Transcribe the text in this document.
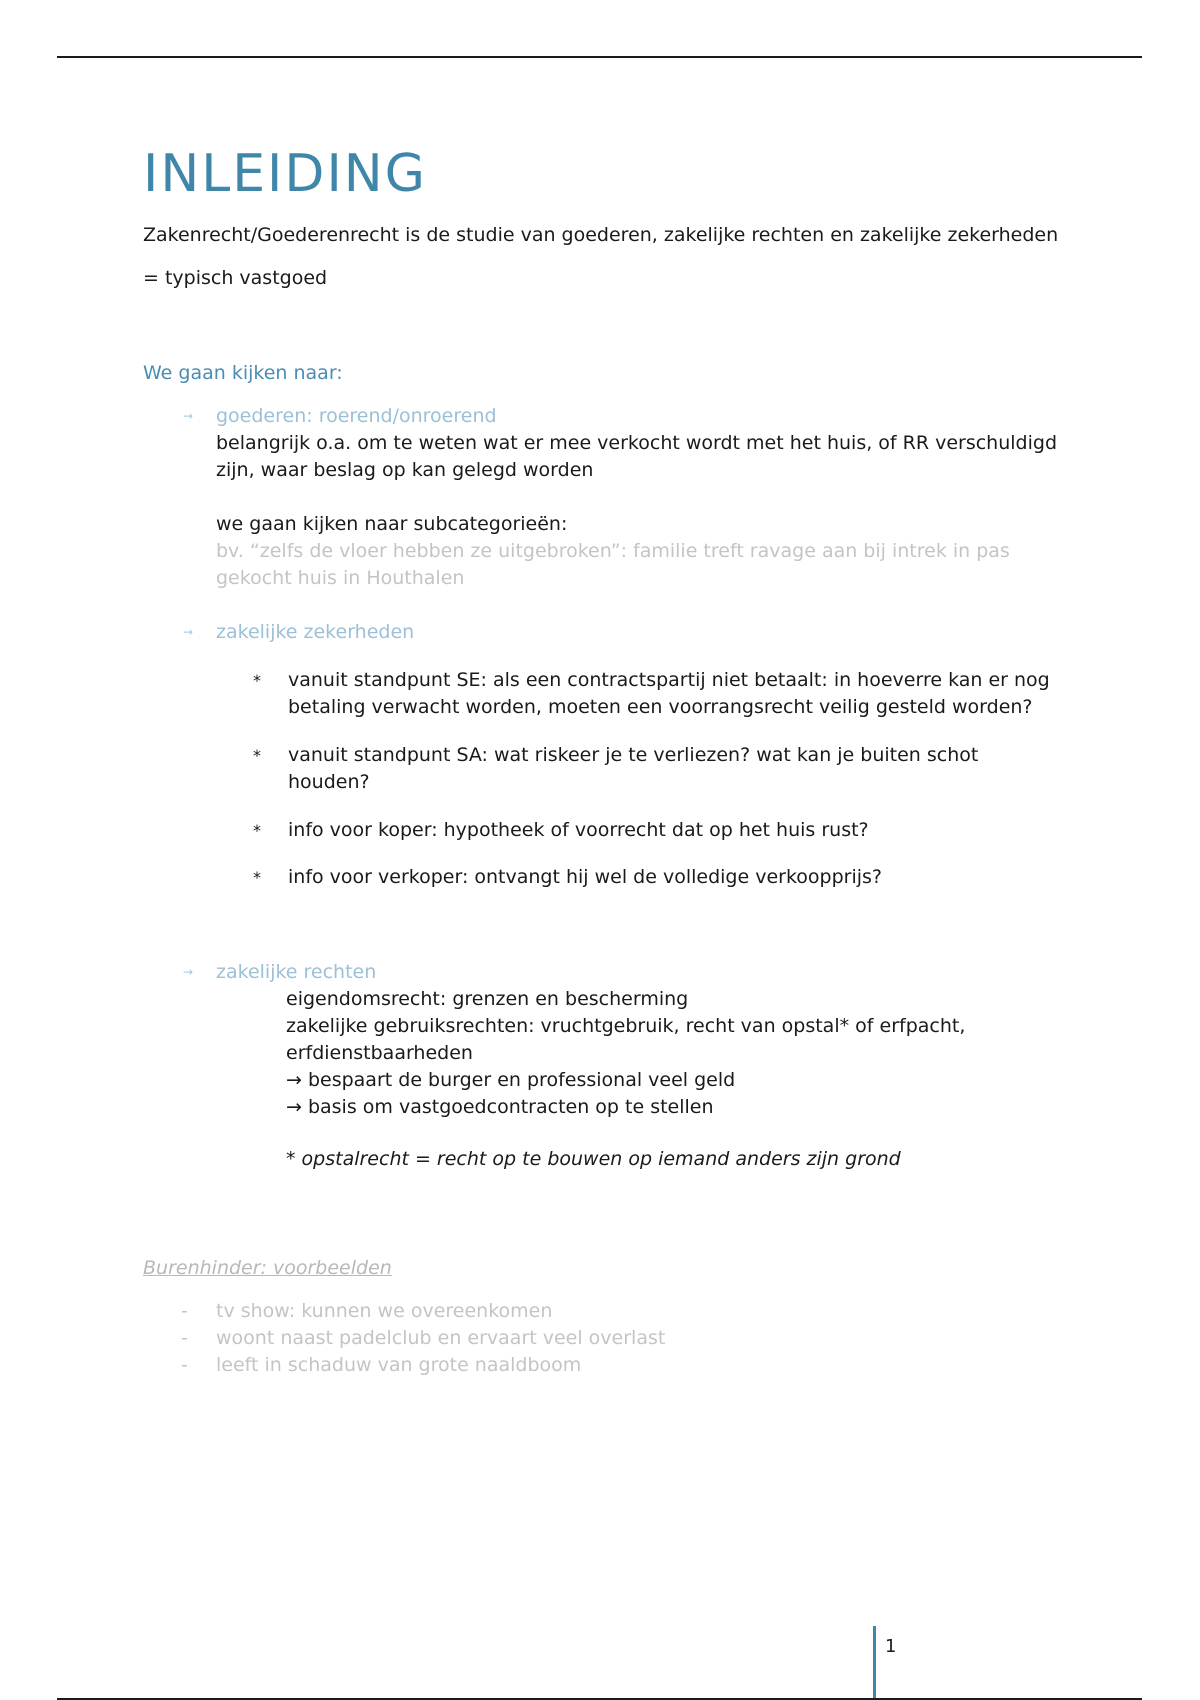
INLEIDING

Zakenrecht/Goederenrecht is de studie van goederen, zakelijke rechten en zakelijke zekerheden

= typisch vastgoed

We gaan kijken naar:
→ goederen: roerend/onroerend
belangrijk o.a. om te weten wat er mee verkocht wordt met het huis, of RR verschuldigd zijn, waar beslag op kan gelegd worden
we gaan kijken naar subcategorieën:
bv. “zelfs de vloer hebben ze uitgebroken”: familie treft ravage aan bij intrek in pas gekocht huis in Houthalen
→ zakelijke zekerheden
* vanuit standpunt SE: als een contractspartij niet betaalt: in hoeverre kan er nog betaling verwacht worden, moeten een voorrangsrecht veilig gesteld worden?
* vanuit standpunt SA: wat riskeer je te verliezen? wat kan je buiten schot houden?
* info voor koper: hypotheek of voorrecht dat op het huis rust?
* info voor verkoper: ontvangt hij wel de volledige verkoopprijs?
→ zakelijke rechten
eigendomsrecht: grenzen en bescherming
zakelijke gebruiksrechten: vruchtgebruik, recht van opstal* of erfpacht, erfdienstbaarheden
→ bespaart de burger en professional veel geld
→ basis om vastgoedcontracten op te stellen
* opstalrecht = recht op te bouwen op iemand anders zijn grond
Burenhinder: voorbeelden
- tv show: kunnen we overeenkomen
- woont naast padelclub en ervaart veel overlast
- leeft in schaduw van grote naaldboom
1
